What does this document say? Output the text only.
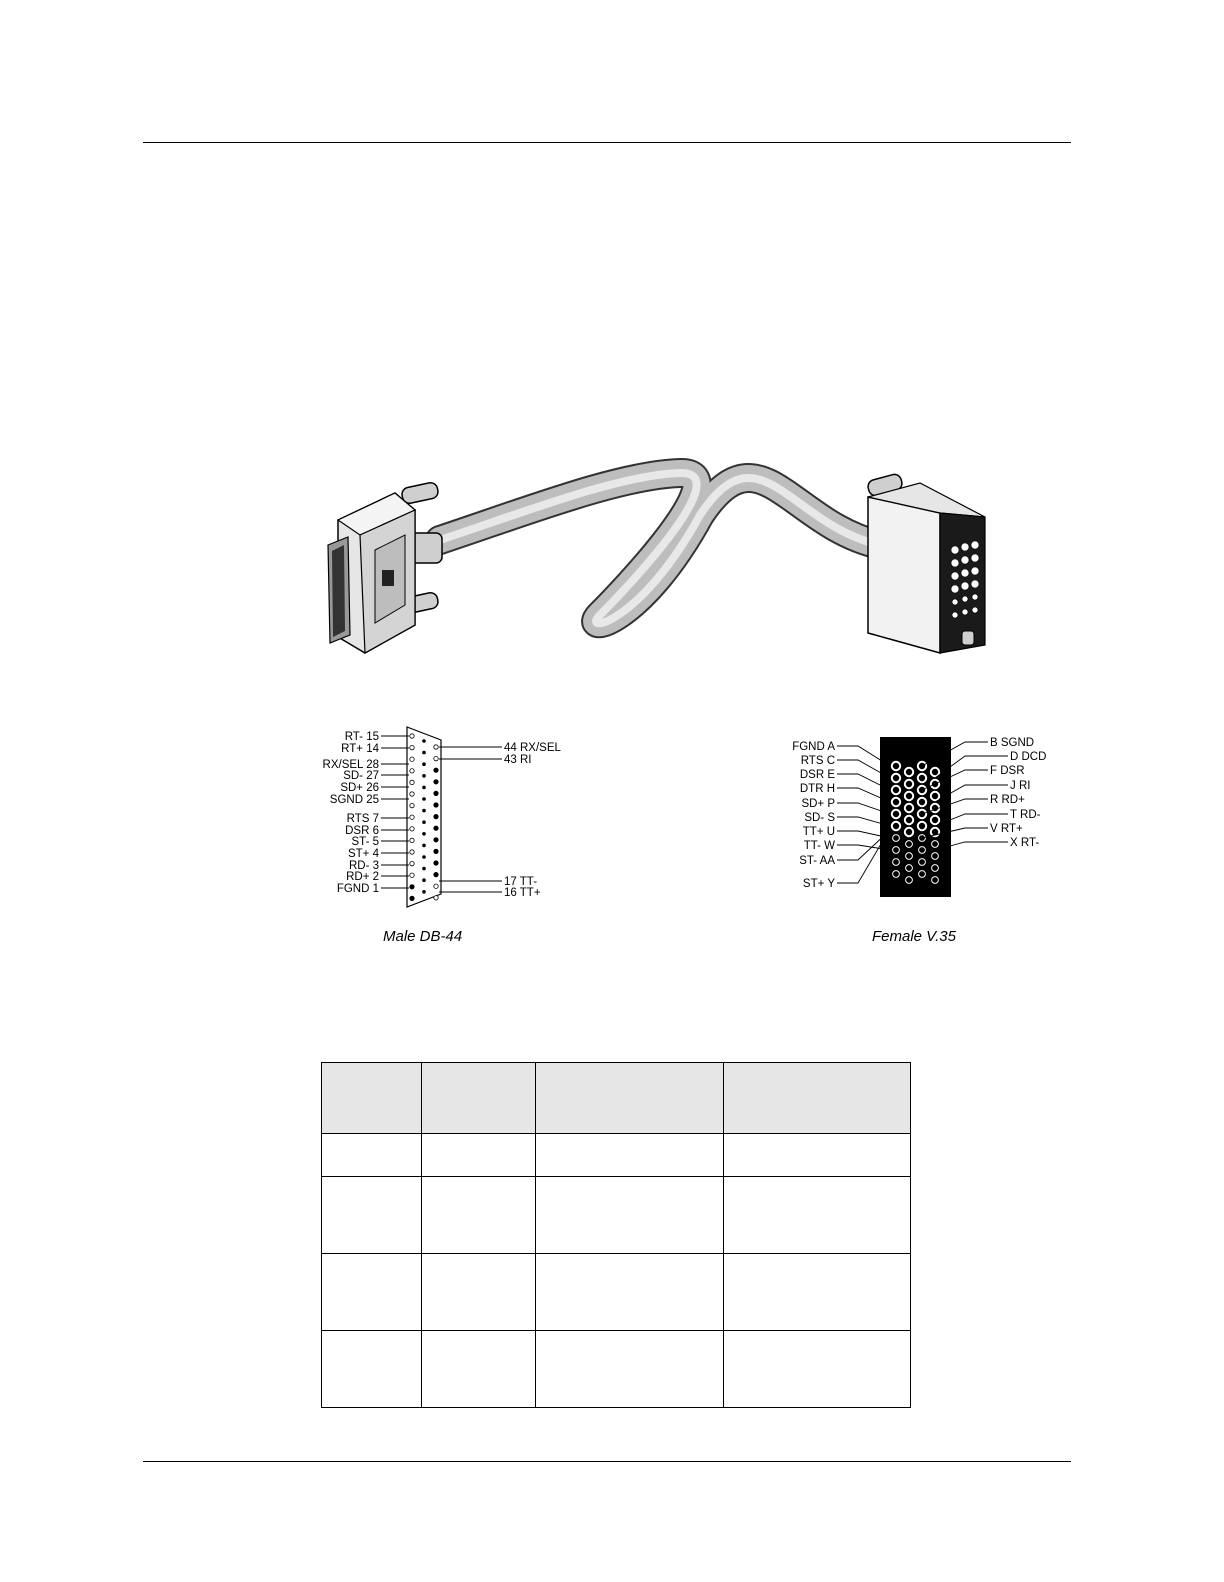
RT- 15
RT+ 14
RX/SEL 28
SD- 27
SD+ 26
SGND 25
RTS 7
DSR 6
ST- 5
ST+ 4
RD- 3
RD+ 2
FGND 1
44 RX/SEL
43 RI
17 TT-
16 TT+
Male DB-44
FGND A
RTS C
DSR E
DTR H
SD+ P
SD- S
TT+ U
TT- W
ST- AA
ST+ Y
B SGND
D DCD
F DSR
J RI
R RD+
T RD-
V RT+
X RT-
Female V.35
